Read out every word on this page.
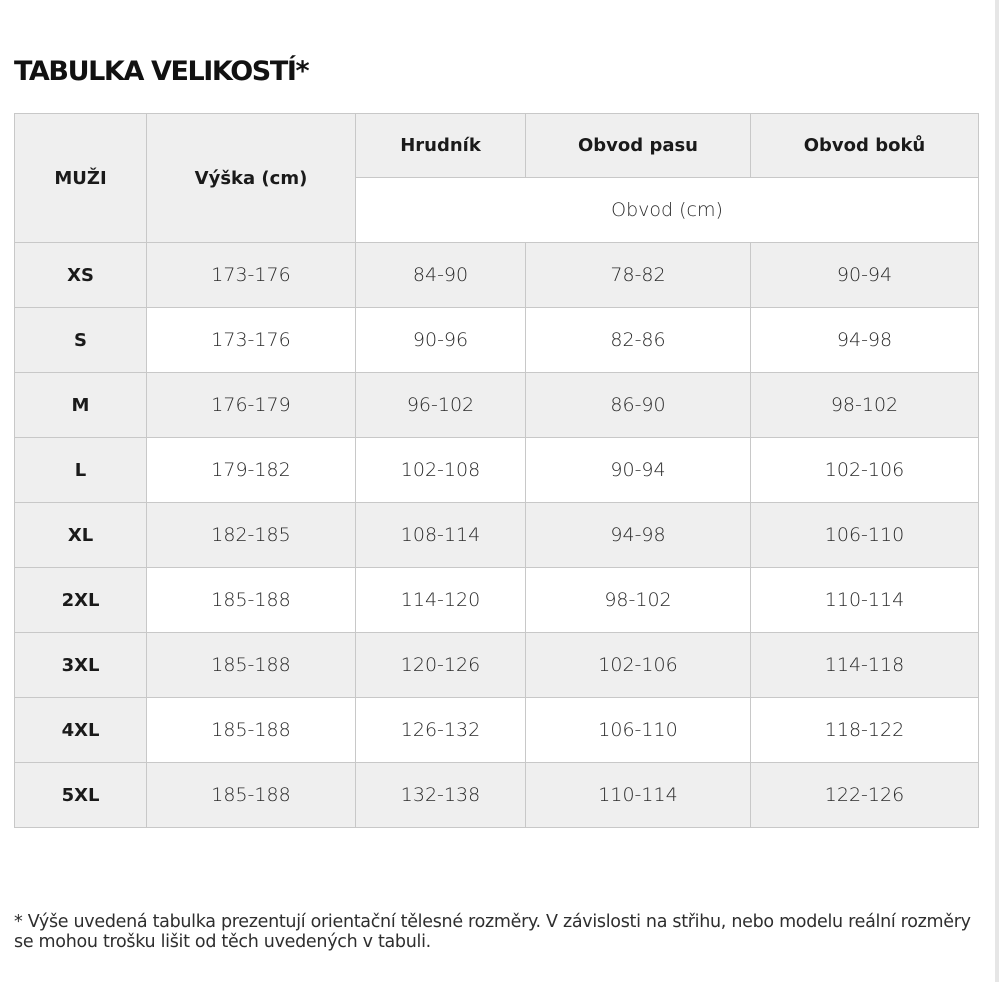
TABULKA VELIKOSTÍ*
MUŽI	Výška (cm)	Hrudník	Obvod pasu	Obvod boků
		Obvod (cm)		
XS	173-176	84-90	78-82	90-94
S	173-176	90-96	82-86	94-98
M	176-179	96-102	86-90	98-102
L	179-182	102-108	90-94	102-106
XL	182-185	108-114	94-98	106-110
2XL	185-188	114-120	98-102	110-114
3XL	185-188	120-126	102-106	114-118
4XL	185-188	126-132	106-110	118-122
5XL	185-188	132-138	110-114	122-126

* Výše uvedená tabulka prezentují orientační tělesné rozměry. V závislosti na střihu, nebo modelu reální rozměry se mohou trošku lišit od těch uvedených v tabuli.
